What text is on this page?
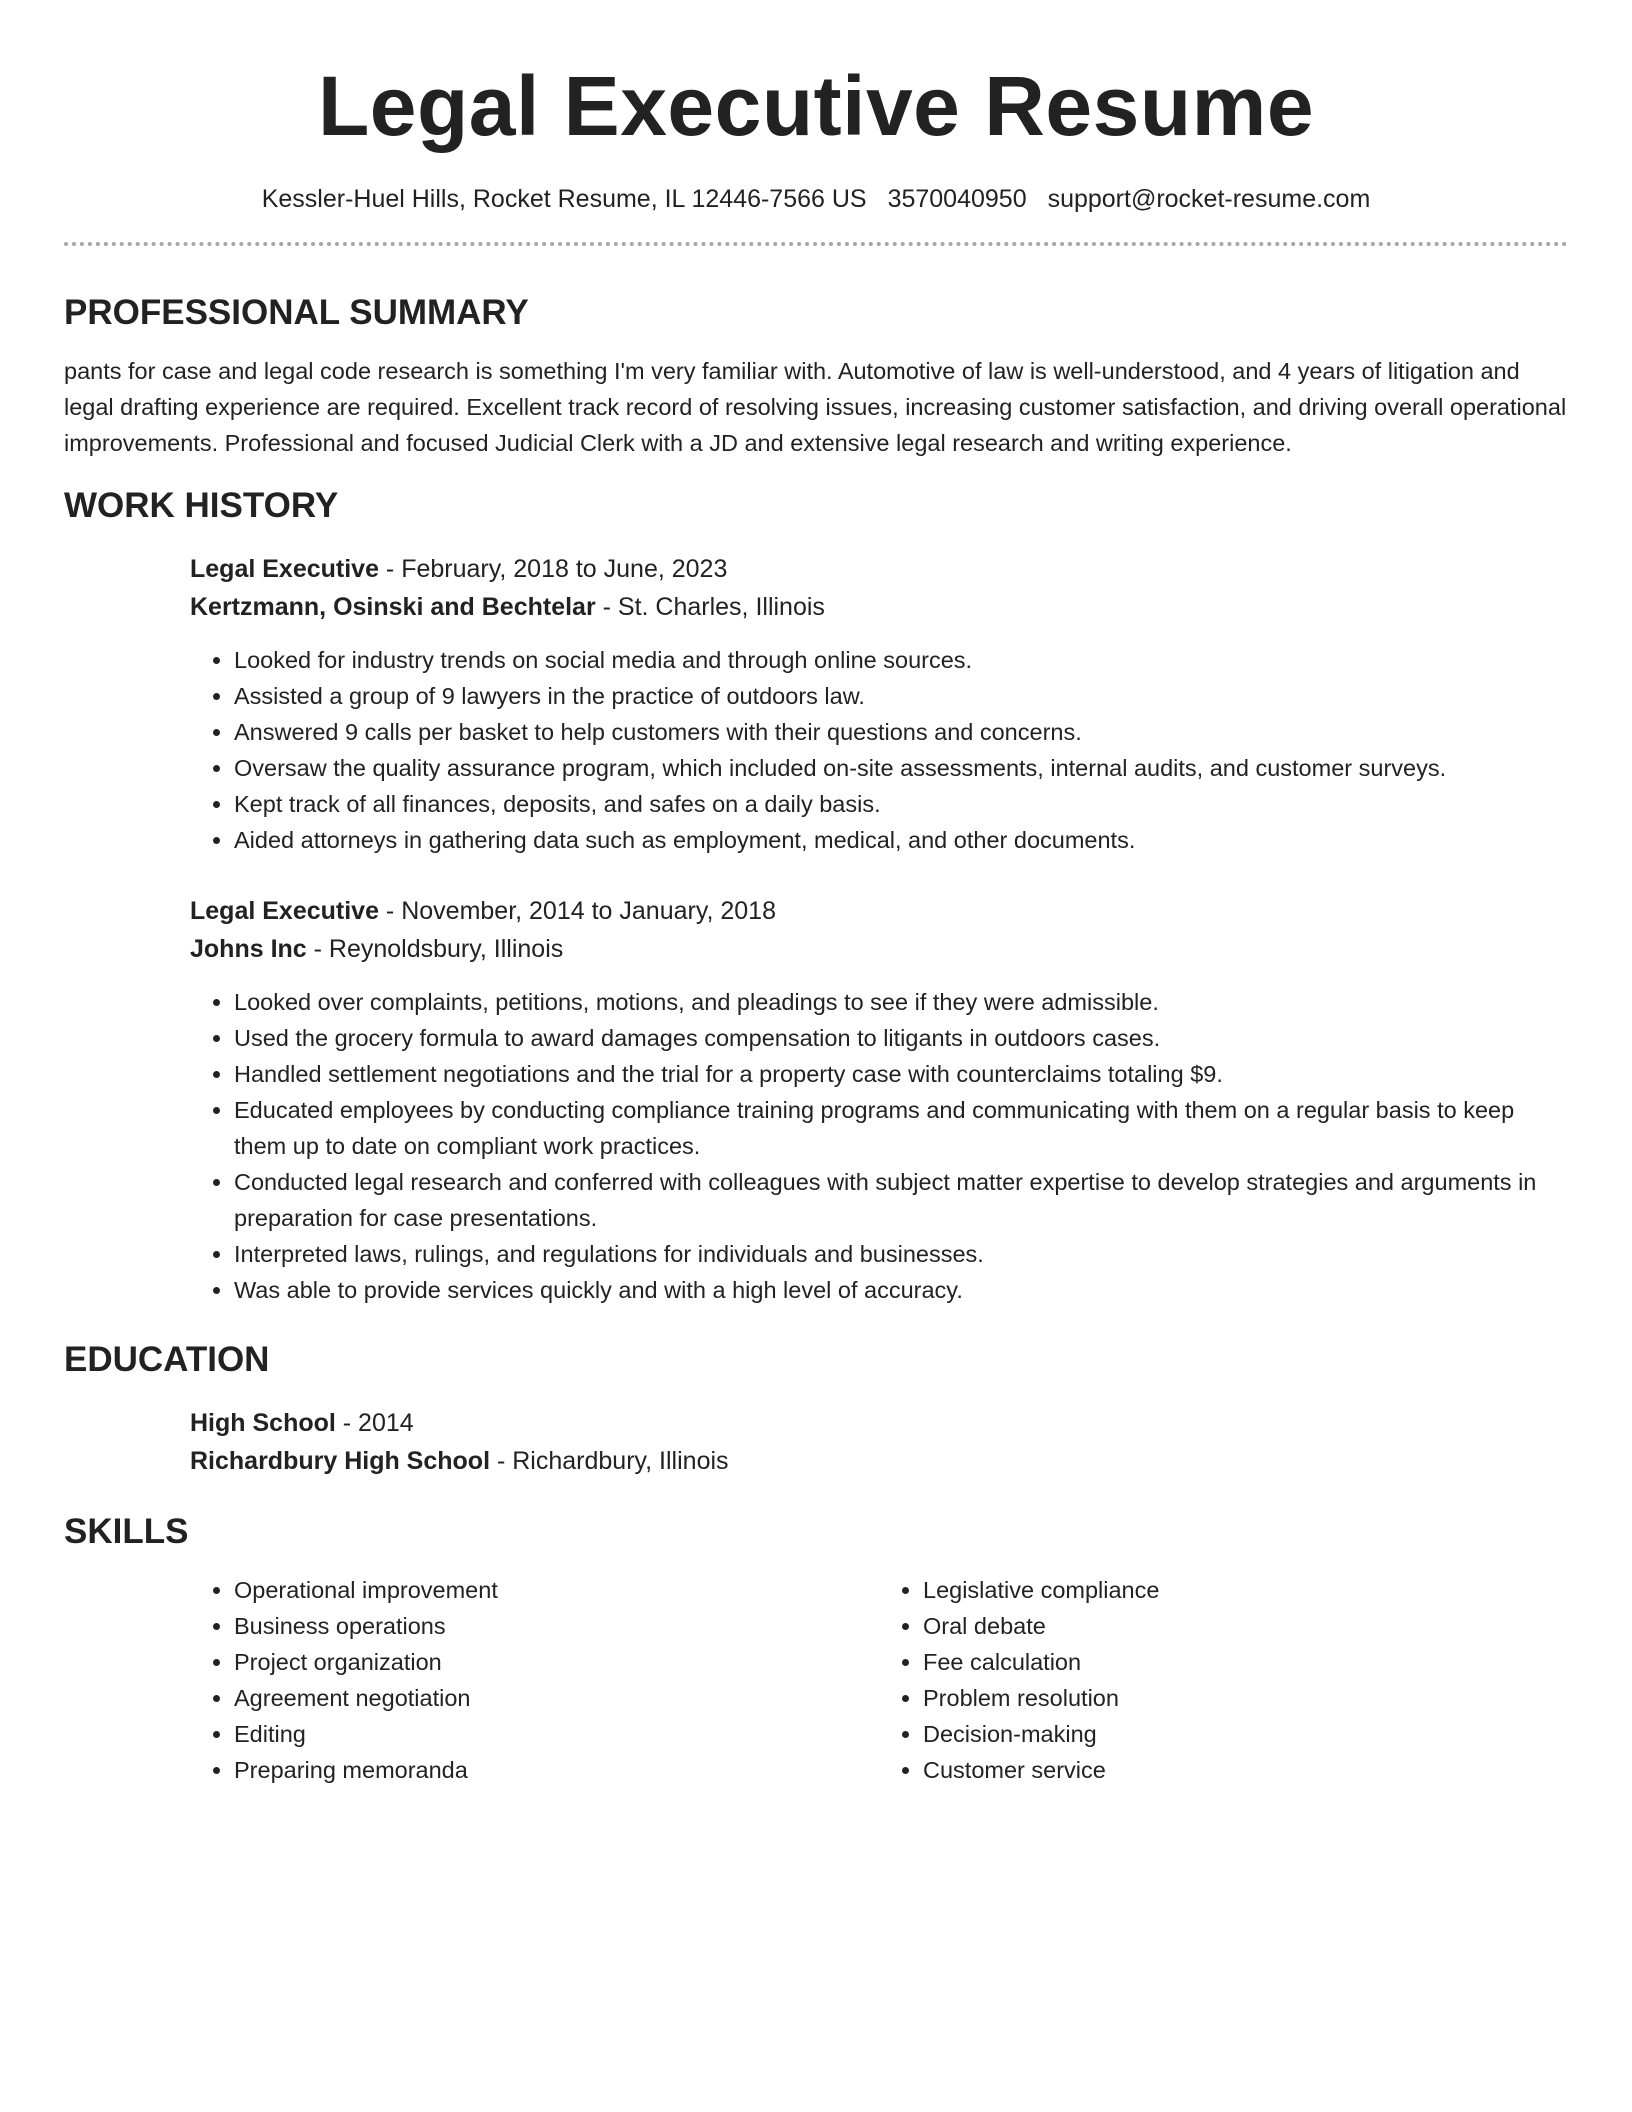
Legal Executive Resume
Kessler-Huel Hills, Rocket Resume, IL 12446-7566 US 3570040950 support@rocket-resume.com
PROFESSIONAL SUMMARY

pants for case and legal code research is something I'm very familiar with. Automotive of law is well-understood, and 4 years of litigation and legal drafting experience are required. Excellent track record of resolving issues, increasing customer satisfaction, and driving overall operational improvements. Professional and focused Judicial Clerk with a JD and extensive legal research and writing experience.

WORK HISTORY

Legal Executive - February, 2018 to June, 2023

Kertzmann, Osinski and Bechtelar - St. Charles, Illinois

• Looked for industry trends on social media and through online sources.
• Assisted a group of 9 lawyers in the practice of outdoors law.
• Answered 9 calls per basket to help customers with their questions and concerns.
• Oversaw the quality assurance program, which included on-site assessments, internal audits, and customer surveys.
• Kept track of all finances, deposits, and safes on a daily basis.
• Aided attorneys in gathering data such as employment, medical, and other documents.

Legal Executive - November, 2014 to January, 2018

Johns Inc - Reynoldsbury, Illinois

• Looked over complaints, petitions, motions, and pleadings to see if they were admissible.
• Used the grocery formula to award damages compensation to litigants in outdoors cases.
• Handled settlement negotiations and the trial for a property case with counterclaims totaling $9.
• Educated employees by conducting compliance training programs and communicating with them on a regular basis to keep them up to date on compliant work practices.
• Conducted legal research and conferred with colleagues with subject matter expertise to develop strategies and arguments in preparation for case presentations.
• Interpreted laws, rulings, and regulations for individuals and businesses.
• Was able to provide services quickly and with a high level of accuracy.
EDUCATION

High School - 2014

Richardbury High School - Richardbury, Illinois

SKILLS
• Operational improvement
• Business operations
• Project organization
• Agreement negotiation
• Editing
• Preparing memoranda
• Legislative compliance
• Oral debate
• Fee calculation
• Problem resolution
• Decision-making
• Customer service
